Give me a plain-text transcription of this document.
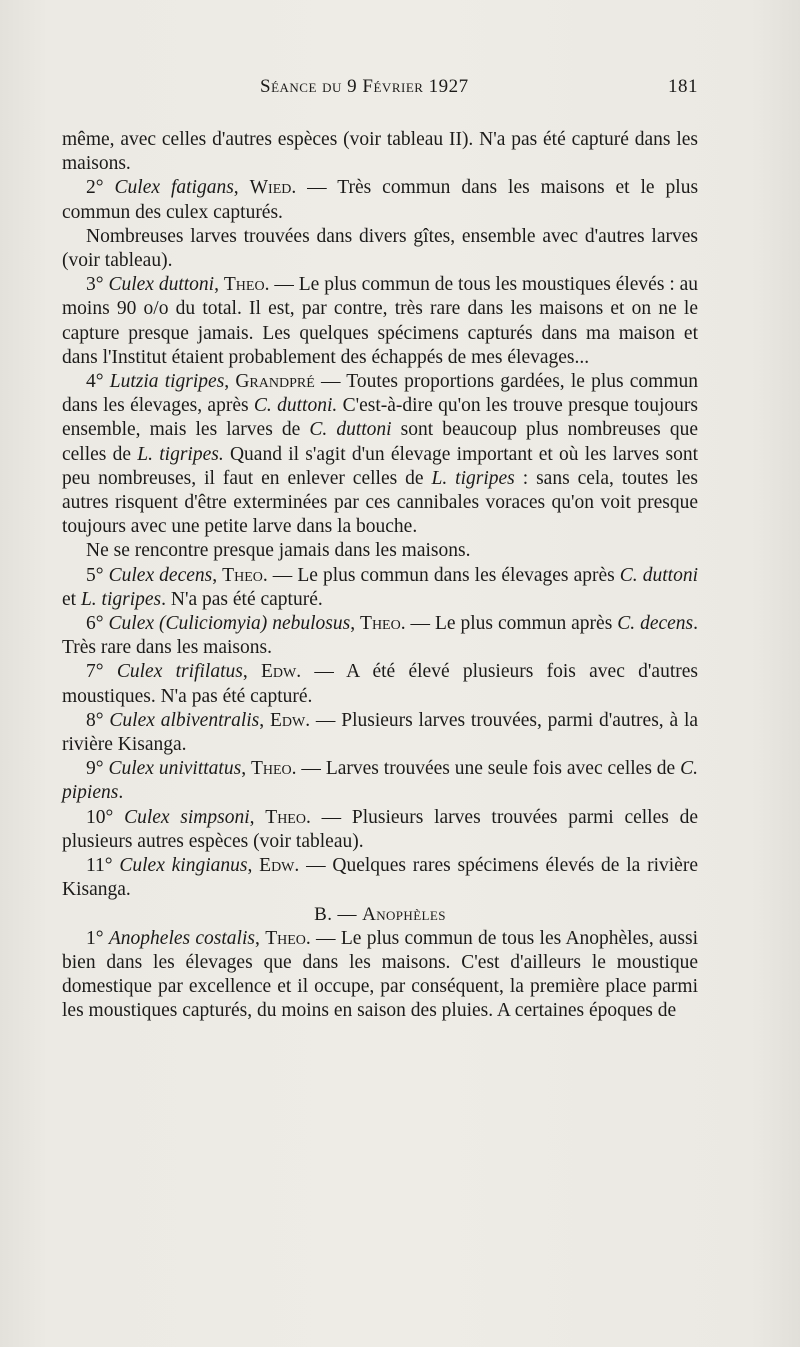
Séance du 9 Février 1927	181

même, avec celles d'autres espèces (voir tableau II). N'a pas été capturé dans les maisons.

2° Culex fatigans, Wied. — Très commun dans les maisons et le plus commun des culex capturés.

Nombreuses larves trouvées dans divers gîtes, ensemble avec d'autres larves (voir tableau).

3° Culex duttoni, Theo. — Le plus commun de tous les moustiques élevés : au moins 90 o/o du total. Il est, par contre, très rare dans les maisons et on ne le capture presque jamais. Les quelques spécimens capturés dans ma maison et dans l'Institut étaient probablement des échappés de mes élevages...

4° Lutzia tigripes, Grandpré — Toutes proportions gardées, le plus commun dans les élevages, après C. duttoni. C'est-à-dire qu'on les trouve presque toujours ensemble, mais les larves de C. duttoni sont beaucoup plus nombreuses que celles de L. tigripes. Quand il s'agit d'un élevage important et où les larves sont peu nombreuses, il faut en enlever celles de L. tigripes : sans cela, toutes les autres risquent d'être exterminées par ces cannibales voraces qu'on voit presque toujours avec une petite larve dans la bouche.

Ne se rencontre presque jamais dans les maisons.

5° Culex decens, Theo. — Le plus commun dans les élevages après C. duttoni et L. tigripes. N'a pas été capturé.

6° Culex (Culiciomyia) nebulosus, Theo. — Le plus commun après C. decens. Très rare dans les maisons.

7° Culex trifilatus, Edw. — A été élevé plusieurs fois avec d'autres moustiques. N'a pas été capturé.

8° Culex albiventralis, Edw. — Plusieurs larves trouvées, parmi d'autres, à la rivière Kisanga.

9° Culex univittatus, Theo. — Larves trouvées une seule fois avec celles de C. pipiens.

10° Culex simpsoni, Theo. — Plusieurs larves trouvées parmi celles de plusieurs autres espèces (voir tableau).

11° Culex kingianus, Edw. — Quelques rares spécimens élevés de la rivière Kisanga.

B. — Anophèles

1° Anopheles costalis, Theo. — Le plus commun de tous les Anophèles, aussi bien dans les élevages que dans les maisons. C'est d'ailleurs le moustique domestique par excellence et il occupe, par conséquent, la première place parmi les moustiques capturés, du moins en saison des pluies. A certaines époques de
